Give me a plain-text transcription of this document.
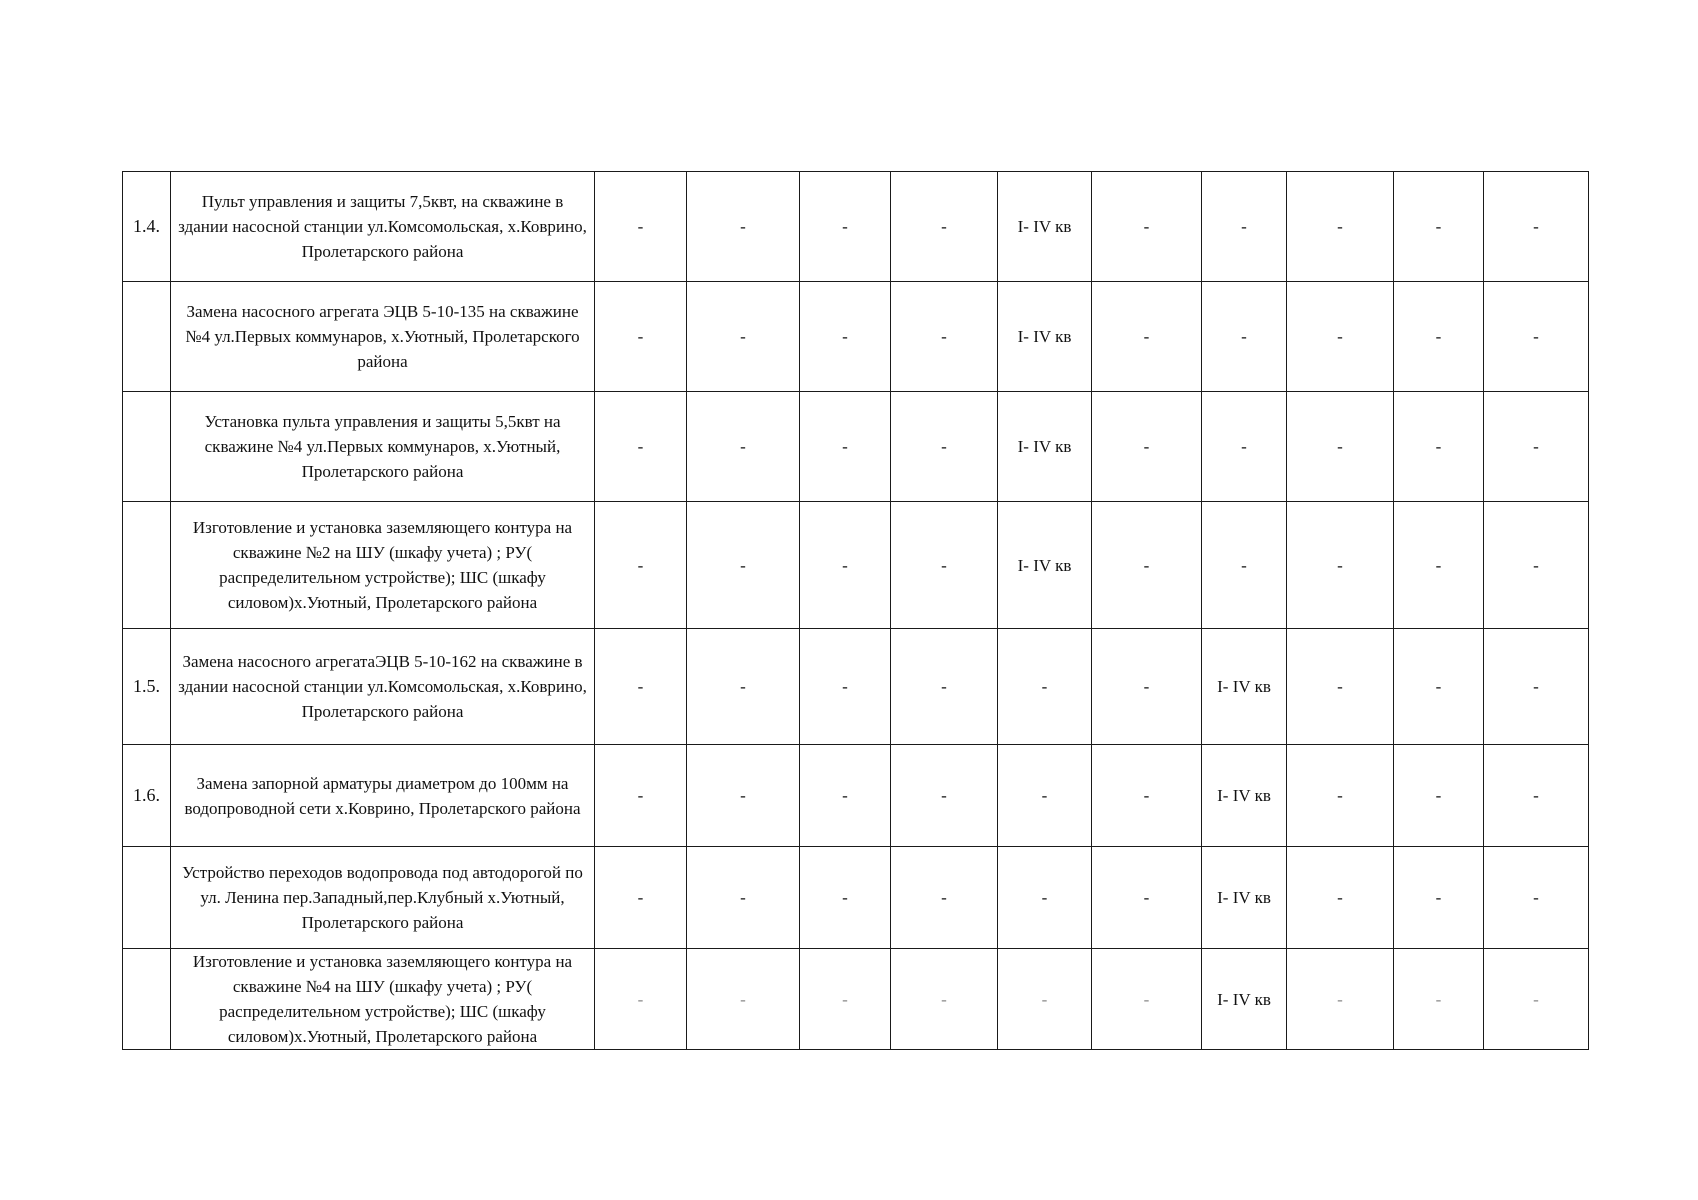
1.4.	Пульт управления и защиты 7,5квт, на скважине в здании насосной станции ул.Комсомольская, х.Коврино, Пролетарского района	-	-	-	-	I- IV кв	-	-	-	-	-
	Замена насосного агрегата ЭЦВ 5-10-135 на скважине №4 ул.Первых коммунаров, х.Уютный, Пролетарского района	-	-	-	-	I- IV кв	-	-	-	-	-
	Установка пульта управления и защиты 5,5квт на скважине №4 ул.Первых коммунаров, х.Уютный, Пролетарского района	-	-	-	-	I- IV кв	-	-	-	-	-
	Изготовление и установка заземляющего контура на скважине №2 на ШУ (шкафу учета) ; РУ( распределительном устройстве); ШС (шкафу силовом)х.Уютный, Пролетарского района	-	-	-	-	I- IV кв	-	-	-	-	-
1.5.	Замена насосного агрегатаЭЦВ 5-10-162 на скважине в здании насосной станции ул.Комсомольская, х.Коврино, Пролетарского района	-	-	-	-	-	-	I- IV кв	-	-	-
1.6.	Замена запорной арматуры диаметром до 100мм на водопроводной сети х.Коврино, Пролетарского района	-	-	-	-	-	-	I- IV кв	-	-	-
	Устройство переходов водопровода под автодорогой по ул. Ленина пер.Западный,пер.Клубный х.Уютный, Пролетарского района	-	-	-	-	-	-	I- IV кв	-	-	-
	Изготовление и установка заземляющего контура на скважине №4 на ШУ (шкафу учета) ; РУ( распределительном устройстве); ШС (шкафу силовом)х.Уютный, Пролетарского района	-	-	-	-	-	-	I- IV кв	-	-	-
